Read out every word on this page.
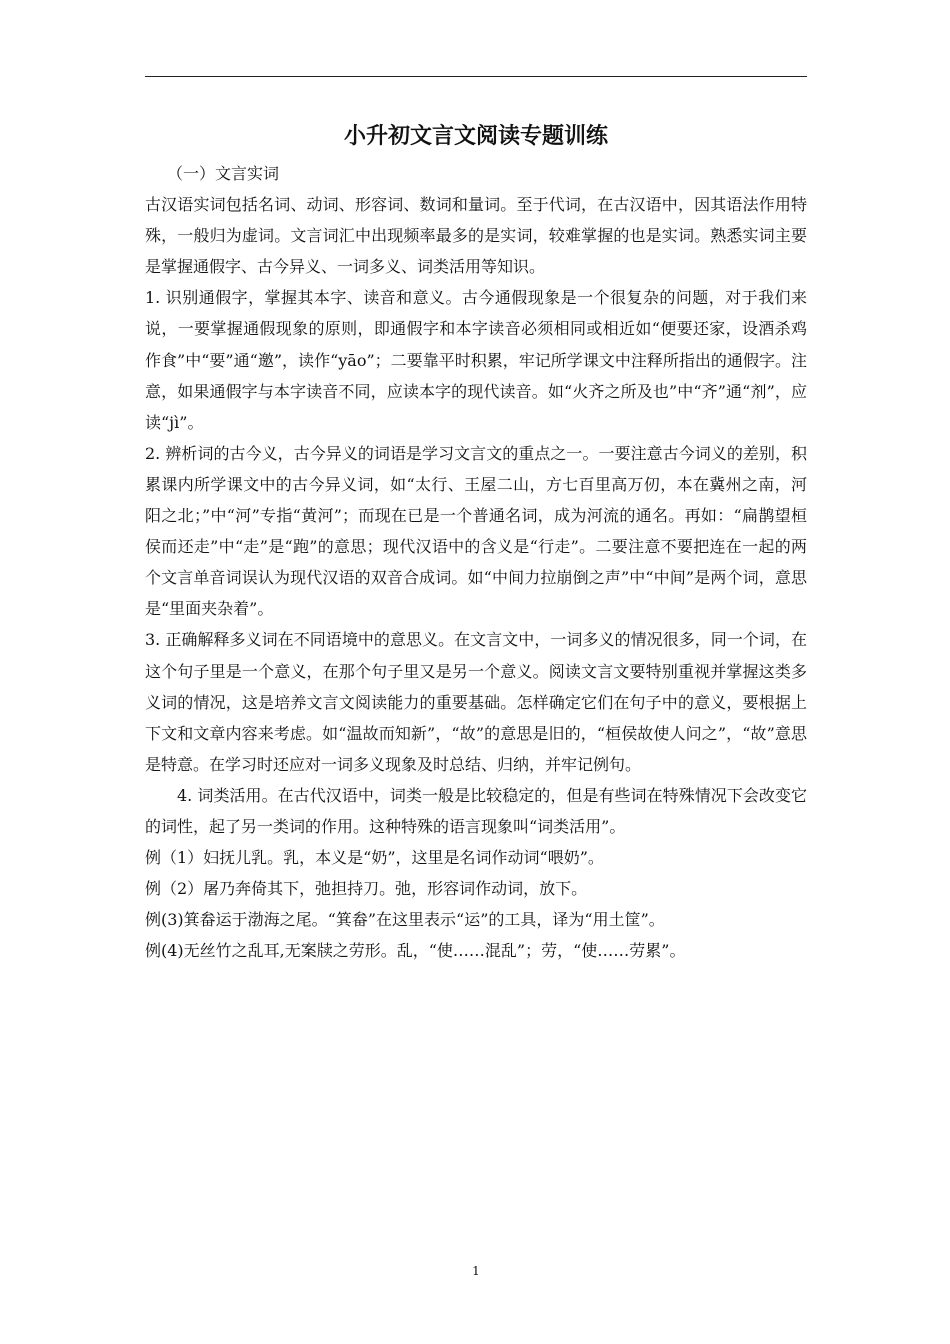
小升初文言文阅读专题训练

（一）文言实词

古汉语实词包括名词、动词、形容词、数词和量词。至于代词，在古汉语中，因其语法作用特殊，一般归为虚词。文言词汇中出现频率最多的是实词，较难掌握的也是实词。熟悉实词主要是掌握通假字、古今异义、一词多义、词类活用等知识。

1. 识别通假字，掌握其本字、读音和意义。古今通假现象是一个很复杂的问题，对于我们来说，一要掌握通假现象的原则，即通假字和本字读音必须相同或相近如“便要还家，设酒杀鸡作食”中“要”通“邀”，读作“yāo”；二要靠平时积累，牢记所学课文中注释所指出的通假字。注意，如果通假字与本字读音不同，应读本字的现代读音。如“火齐之所及也”中“齐”通“剂”，应读“jì”。

2. 辨析词的古今义，古今异义的词语是学习文言文的重点之一。一要注意古今词义的差别，积累课内所学课文中的古今异义词，如“太行、王屋二山，方七百里高万仞，本在冀州之南，河阳之北；”中“河”专指“黄河”；而现在已是一个普通名词，成为河流的通名。再如：“扁鹊望桓侯而还走”中“走”是“跑”的意思；现代汉语中的含义是“行走”。二要注意不要把连在一起的两个文言单音词误认为现代汉语的双音合成词。如“中间力拉崩倒之声”中“中间”是两个词，意思是“里面夹杂着”。

3. 正确解释多义词在不同语境中的意思义。在文言文中，一词多义的情况很多，同一个词，在这个句子里是一个意义，在那个句子里又是另一个意义。阅读文言文要特别重视并掌握这类多义词的情况，这是培养文言文阅读能力的重要基础。怎样确定它们在句子中的意义，要根据上下文和文章内容来考虑。如“温故而知新”，“故”的意思是旧的，“桓侯故使人问之”，“故”意思是特意。在学习时还应对一词多义现象及时总结、归纳，并牢记例句。

4. 词类活用。在古代汉语中，词类一般是比较稳定的，但是有些词在特殊情况下会改变它的词性，起了另一类词的作用。这种特殊的语言现象叫“词类活用”。

例（1）妇抚儿乳。乳，本义是“奶”，这里是名词作动词“喂奶”。

例（2）屠乃奔倚其下，弛担持刀。弛，形容词作动词，放下。

例(3)箕畚运于渤海之尾。“箕畚”在这里表示“运”的工具，译为“用土筐”。

例(4)无丝竹之乱耳,无案牍之劳形。乱，“使……混乱”；劳，“使……劳累”。

1
